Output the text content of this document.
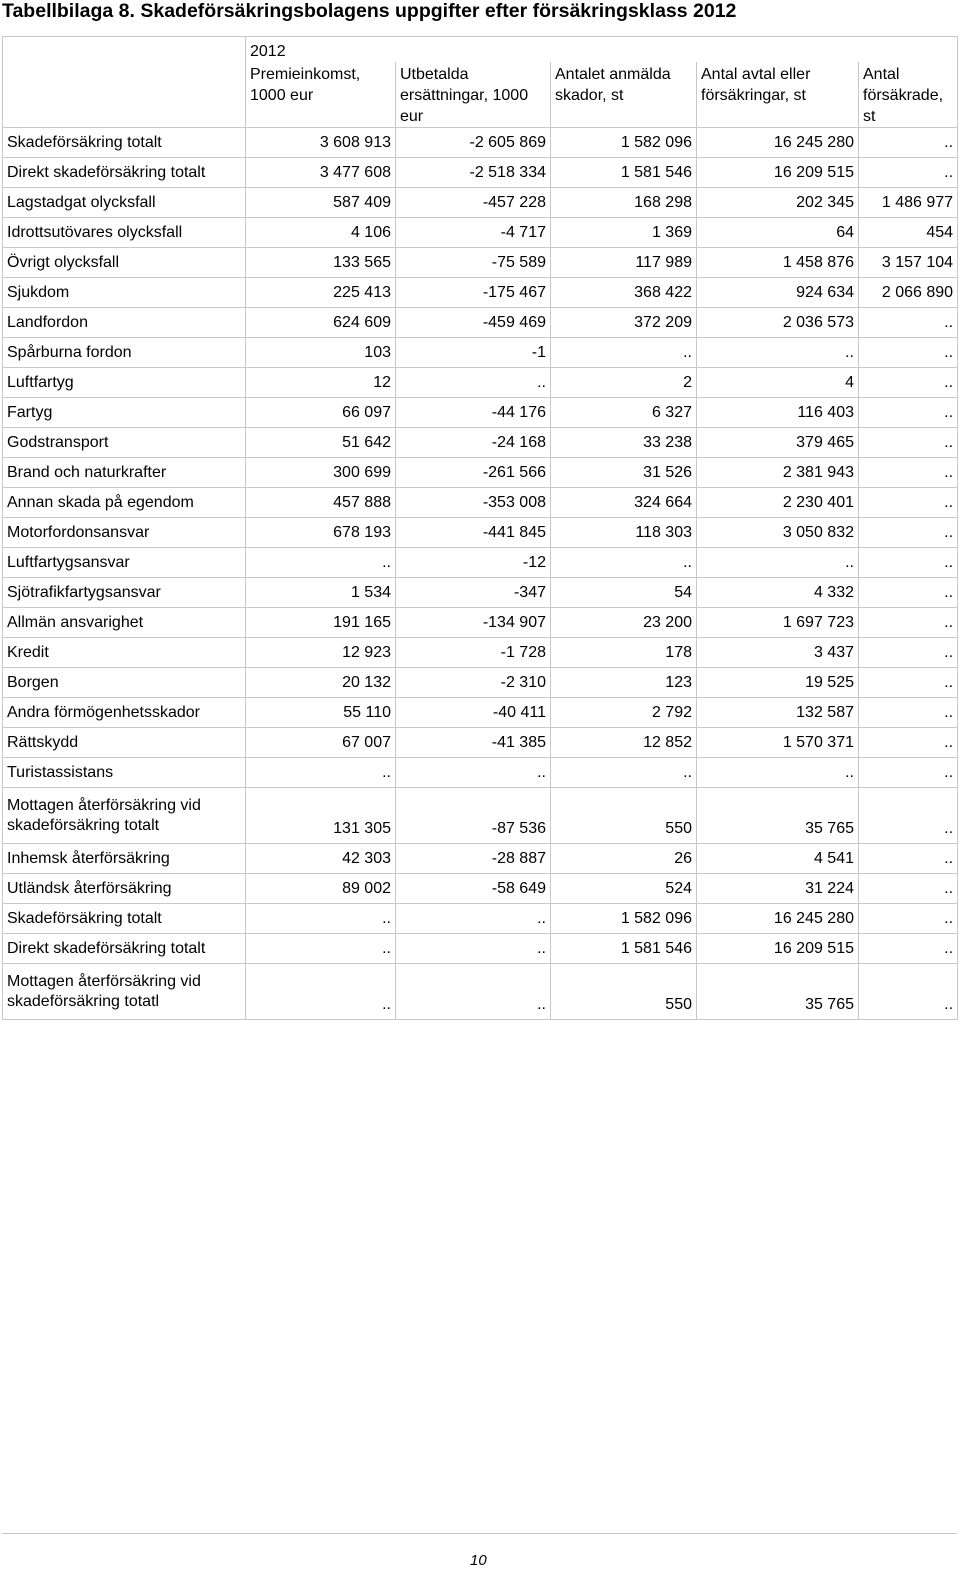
Tabellbilaga 8. Skadeförsäkringsbolagens uppgifter efter försäkringsklass 2012
	2012				
	Premieinkomst, 1000 eur	Utbetalda ersättningar, 1000 eur	Antalet anmälda skador, st	Antal avtal eller försäkringar, st	Antal försäkrade, st
Skadeförsäkring totalt	3 608 913	-2 605 869	1 582 096	16 245 280	..
Direkt skadeförsäkring totalt	3 477 608	-2 518 334	1 581 546	16 209 515	..
Lagstadgat olycksfall	587 409	-457 228	168 298	202 345	1 486 977
Idrottsutövares olycksfall	4 106	-4 717	1 369	64	454
Övrigt olycksfall	133 565	-75 589	117 989	1 458 876	3 157 104
Sjukdom	225 413	-175 467	368 422	924 634	2 066 890
Landfordon	624 609	-459 469	372 209	2 036 573	..
Spårburna fordon	103	-1	..	..	..
Luftfartyg	12	..	2	4	..
Fartyg	66 097	-44 176	6 327	116 403	..
Godstransport	51 642	-24 168	33 238	379 465	..
Brand och naturkrafter	300 699	-261 566	31 526	2 381 943	..
Annan skada på egendom	457 888	-353 008	324 664	2 230 401	..
Motorfordonsansvar	678 193	-441 845	118 303	3 050 832	..
Luftfartygsansvar	..	-12	..	..	..
Sjötrafikfartygsansvar	1 534	-347	54	4 332	..
Allmän ansvarighet	191 165	-134 907	23 200	1 697 723	..
Kredit	12 923	-1 728	178	3 437	..
Borgen	20 132	-2 310	123	19 525	..
Andra förmögenhetsskador	55 110	-40 411	2 792	132 587	..
Rättskydd	67 007	-41 385	12 852	1 570 371	..
Turistassistans	..	..	..	..	..
Mottagen återförsäkring vid skadeförsäkring totalt	131 305	-87 536	550	35 765	..
Inhemsk återförsäkring	42 303	-28 887	26	4 541	..
Utländsk återförsäkring	89 002	-58 649	524	31 224	..
Skadeförsäkring totalt	..	..	1 582 096	16 245 280	..
Direkt skadeförsäkring totalt	..	..	1 581 546	16 209 515	..
Mottagen återförsäkring vid skadeförsäkring totatl	..	..	550	35 765	..
10
